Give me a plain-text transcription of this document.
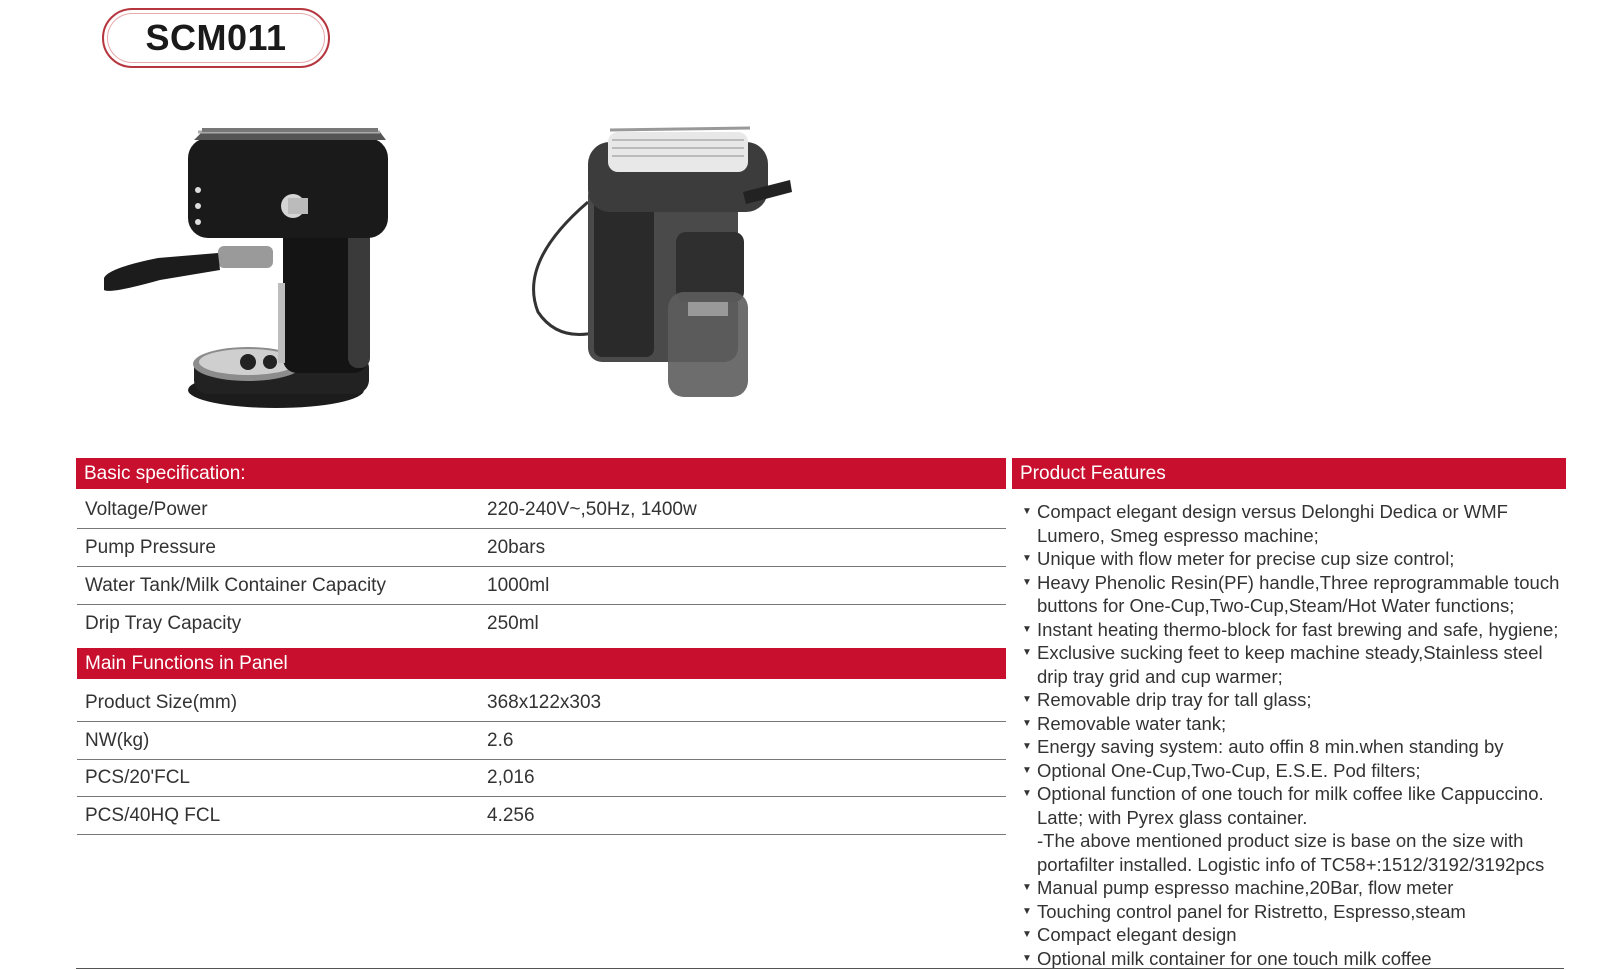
SCM011
Basic specification:	Product Features
Voltage/Power	220-240V~,50Hz, 1400w
Pump Pressure	20bars
Water Tank/Milk Container Capacity	1000ml
Drip Tray Capacity	250ml
Main Functions in Panel
Product Size(mm)	368x122x303
NW(kg)	2.6
PCS/20'FCL	2,016
PCS/40HQ FCL	4.256
▼ Compact elegant design versus Delonghi Dedica or WMF
Lumero, Smeg espresso machine;
▼ Unique with flow meter for precise cup size control;
▼ Heavy Phenolic Resin(PF) handle,Three reprogrammable touch
buttons for One-Cup,Two-Cup,Steam/Hot Water functions;
▼ Instant heating thermo-block for fast brewing and safe, hygiene;
▼ Exclusive sucking feet to keep machine steady,Stainless steel
drip tray grid and cup warmer;
▼ Removable drip tray for tall glass;
▼ Removable water tank;
▼ Energy saving system: auto offin 8 min.when standing by
▼ Optional One-Cup,Two-Cup, E.S.E. Pod filters;
▼ Optional function of one touch for milk coffee like Cappuccino.
Latte; with Pyrex glass container.
-The above mentioned product size is base on the size with
portafilter installed. Logistic info of TC58+:1512/3192/3192pcs
▼ Manual pump espresso machine,20Bar, flow meter
▼ Touching control panel for Ristretto, Espresso,steam
▼ Compact elegant design
▼ Optional milk container for one touch milk coffee
